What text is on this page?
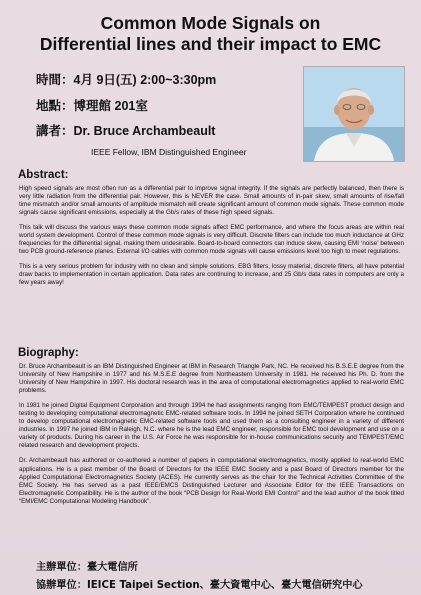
Common Mode Signals on
Differential lines and their impact to EMC
時間：4月 9日(五) 2:00~3:30pm
地點：博理館 201室
講者：Dr. Bruce Archambeault
IEEE Fellow, IBM Distinguished Engineer
Abstract:

High speed signals are most often run as a differential pair to improve signal integrity. If the signals are perfectly balanced, then there is very little radiation from the differential pair. However, this is NEVER the case. Small amounts of in-pair skew, small amounts of rise/fall time mismatch and/or small amounts of amplitude mismatch will create significant amount of common mode signals. These common mode signals cause significant emissions, especially at the Gb/s rates of these high speed signals.

This talk will discuss the various ways these common mode signals affect EMC performance, and where the focus areas are within real world system development. Control of these common mode signals is very difficult. Discrete filters can include too much inductance at GHz frequencies for the differential signal, making them undesirable. Board-to-board connectors can induce skew, causing EMI ‘noise’ between two PCB ground-reference planes. External I/O cables with common mode signals will cause emissions level too high to meet regulations.

This is a very serious problem for industry with no clean and simple solutions. EBG filters, lossy material, discrete filters, all have potential draw backs to implementation in certain application. Data rates are continuing to increase, and 25 Gb/s data rates in computers are only a few years away!

Biography:

Dr. Bruce Archambeault is an IBM Distinguished Engineer at IBM in Research Triangle Park, NC. He received his B.S.E.E degree from the University of New Hampshire in 1977 and his M.S.E.E degree from Northeastern University in 1981. He received his Ph. D. from the University of New Hampshire in 1997. His doctoral research was in the area of computational electromagnetics applied to real-world EMC problems.

In 1981 he joined Digital Equipment Corporation and through 1994 he had assignments ranging from EMC/TEMPEST product design and testing to developing computational electromagnetic EMC-related software tools. In 1994 he joined SETH Corporation where he continued to develop computational electromagnetic EMC-related software tools and used them as a consulting engineer in a variety of different industries. In 1997 he joined IBM in Raleigh, N.C. where he is the lead EMC engineer, responsible for EMC tool development and use on a variety of products. During his career in the U.S. Air Force he was responsible for in-house communications security and TEMPEST/EMC related research and development projects.

Dr. Archambeault has authored or co-authored a number of papers in computational electromagnetics, mostly applied to real-world EMC applications. He is a past member of the Board of Directors for the IEEE EMC Society and a past Board of Directors member for the Applied Computational Electromagnetics Society (ACES). He currently serves as the chair for the Technical Activities Committee of the EMC Society. He has served as a past IEEE/EMCS Distinguished Lecturer and Associate Editor for the IEEE Transactions on Electromagnetic Compatibility. He is the author of the book “PCB Design for Real-World EMI Control” and the lead author of the book titled “EMI/EMC Computational Modeling Handbook”.

主辦單位：臺大電信所
協辦單位：IEICE Taipei Section、臺大資電中心、臺大電信研究中心
